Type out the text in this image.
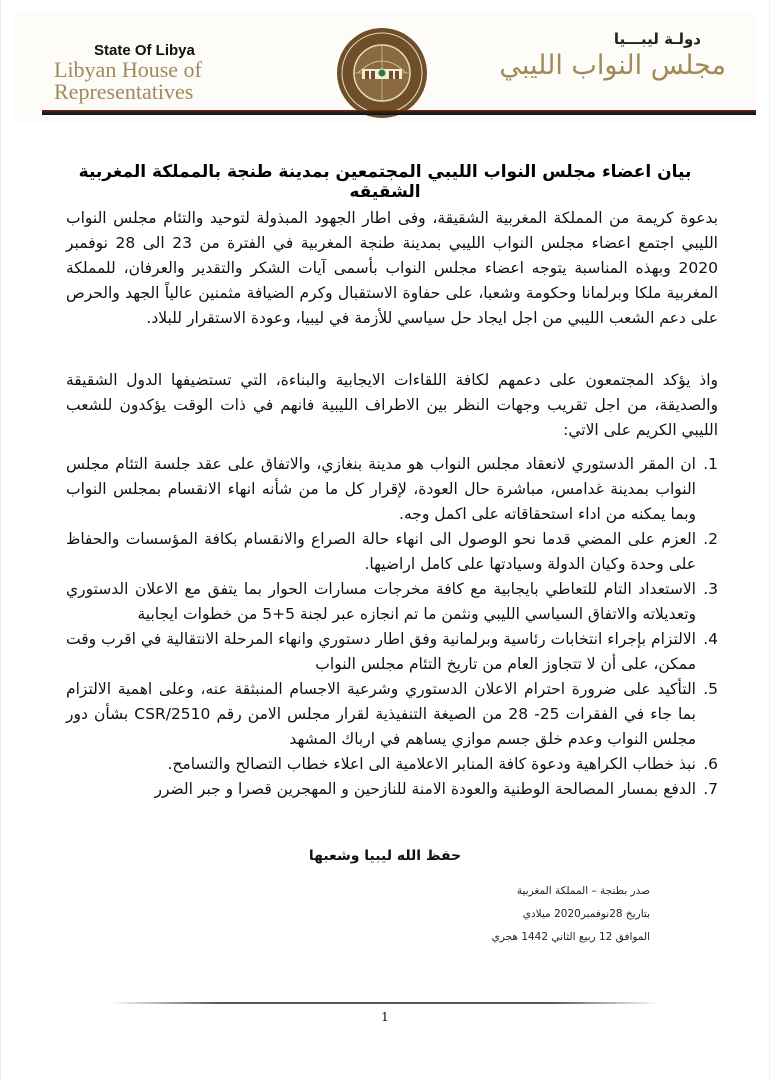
State Of Libya
Libyan House of
Representatives
دولـة ليبـــيا
مجلس النواب الليبي
بيان اعضاء مجلس النواب الليبي المجتمعين بمدينة طنجة بالمملكة المغربية الشقيقه
بدعوة كريمة من المملكة المغربية الشقيقة، وفى اطار الجهود المبذولة لتوحيد والتئام مجلس النواب الليبي اجتمع اعضاء مجلس النواب الليبي بمدينة طنجة المغربية في الفترة من 23 الى 28 نوفمبر 2020 وبهذه المناسبة يتوجه اعضاء مجلس النواب بأسمى آيات الشكر والتقدير والعرفان، للمملكة المغربية ملكا وبرلمانا وحكومة وشعبا، على حفاوة الاستقبال وكرم الضيافة مثمنين عالياً الجهد والحرص على دعم الشعب الليبي من اجل ايجاد حل سياسي للأزمة في ليبيا، وعودة الاستقرار للبلاد.
واذ يؤكد المجتمعون على دعمهم لكافة اللقاءات الايجابية والبناءة، التي تستضيفها الدول الشقيقة والصديقة، من اجل تقريب وجهات النظر بين الاطراف الليبية فانهم في ذات الوقت يؤكدون للشعب الليبي الكريم على الاتي:
1.
ان المقر الدستوري لانعقاد مجلس النواب هو مدينة بنغازي، والاتفاق على عقد جلسة التئام مجلس النواب بمدينة غدامس، مباشرة حال العودة، لإقرار كل ما من شأنه انهاء الانقسام بمجلس النواب وبما يمكنه من اداء استحقاقاته على اكمل وجه.
2.
العزم على المضي قدما نحو الوصول الى انهاء حالة الصراع والانقسام بكافة المؤسسات والحفاظ على وحدة وكيان الدولة وسيادتها على كامل اراضيها.
3.
الاستعداد التام للتعاطي بايجابية مع كافة مخرجات مسارات الحوار بما يتفق مع الاعلان الدستوري وتعديلاته والاتفاق السياسي الليبي ونثمن ما تم انجازه عبر لجنة 5+5 من خطوات ايجابية
4.
الالتزام بإجراء انتخابات رئاسية وبرلمانية وفق اطار دستوري وانهاء المرحلة الانتقالية في اقرب وقت ممكن، على أن لا تتجاوز العام من تاريخ التئام مجلس النواب
5.
التأكيد على ضرورة احترام الاعلان الدستوري وشرعية الاجسام المنبثقة عنه، وعلى اهمية الالتزام بما جاء في الفقرات 25- 28 من الصيغة التنفيذية لقرار مجلس الامن رقم CSR/2510 بشأن دور مجلس النواب وعدم خلق جسم موازي يساهم في ارباك المشهد
6.
نبذ خطاب الكراهية ودعوة كافة المنابر الاعلامية الى اعلاء خطاب التصالح والتسامح.
7.
الدفع بمسار المصالحة الوطنية والعودة الامنة للنازحين و المهجرين قصرا و جبر الضرر
حفظ الله ليبيا وشعبها
صدر بطنجة – المملكة المغربية
بتاريخ 28نوفمبر2020 ميلادي
الموافق 12 ربيع الثاني 1442 هجري
1
